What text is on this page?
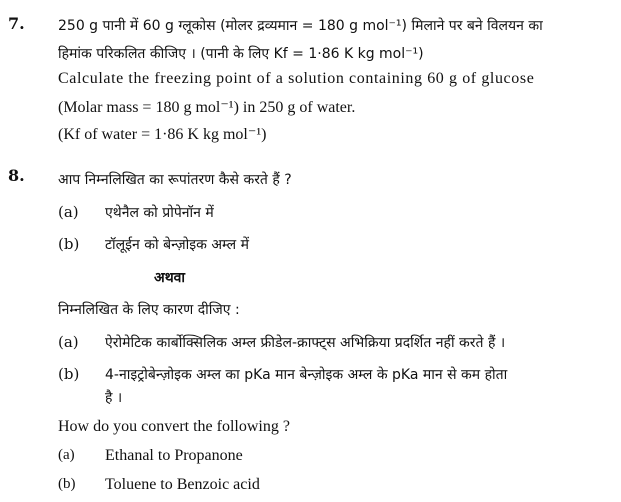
7. 250 g पानी में 60 g ग्लूकोस (मोलर द्रव्यमान = 180 g mol⁻¹) मिलाने पर बने विलयन का
हिमांक परिकलित कीजिए । (पानी के लिए Kf = 1·86 K kg mol⁻¹)
Calculate the freezing point of a solution containing 60 g of glucose
(Molar mass = 180 g mol⁻¹) in 250 g of water.
(Kf of water = 1·86 K kg mol⁻¹)
8. आप निम्नलिखित का रूपांतरण कैसे करते हैं ?
(a) एथेनैल को प्रोपेनॉन में
(b) टॉलूईन को बेन्ज़ोइक अम्ल में
अथवा
निम्नलिखित के लिए कारण दीजिए :
(a) ऐरोमेटिक कार्बोक्सिलिक अम्ल फ्रीडेल-क्राफ्ट्स अभिक्रिया प्रदर्शित नहीं करते हैं ।
(b) 4-नाइट्रोबेन्ज़ोइक अम्ल का pKa मान बेन्ज़ोइक अम्ल के pKa मान से कम होता
है ।
How do you convert the following ?
(a) Ethanal to Propanone
(b) Toluene to Benzoic acid
